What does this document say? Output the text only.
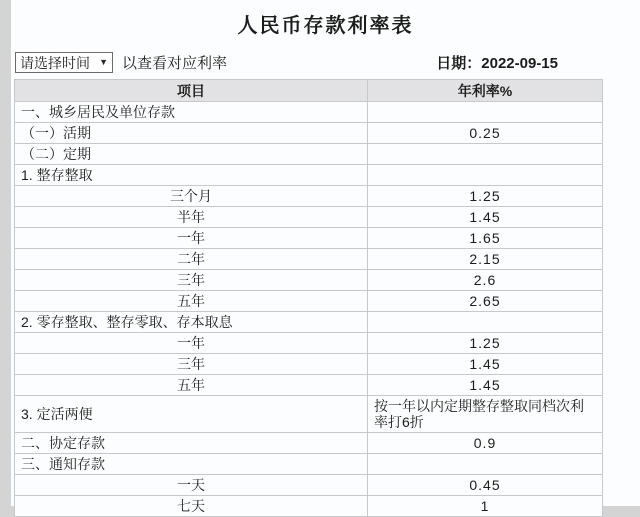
人民币存款利率表
请选择时间 ▼ 以查看对应利率	日期：2022-09-15
项目	年利率%
一、城乡居民及单位存款	
（一）活期	0.25
（二）定期	
1. 整存整取	
三个月	1.25
半年	1.45
一年	1.65
二年	2.15
三年	2.6
五年	2.65
2. 零存整取、整存零取、存本取息	
一年	1.25
三年	1.45
五年	1.45
3. 定活两便	按一年以内定期整存整取同档次利率打6折
二、协定存款	0.9
三、通知存款	
一天	0.45
七天	1
